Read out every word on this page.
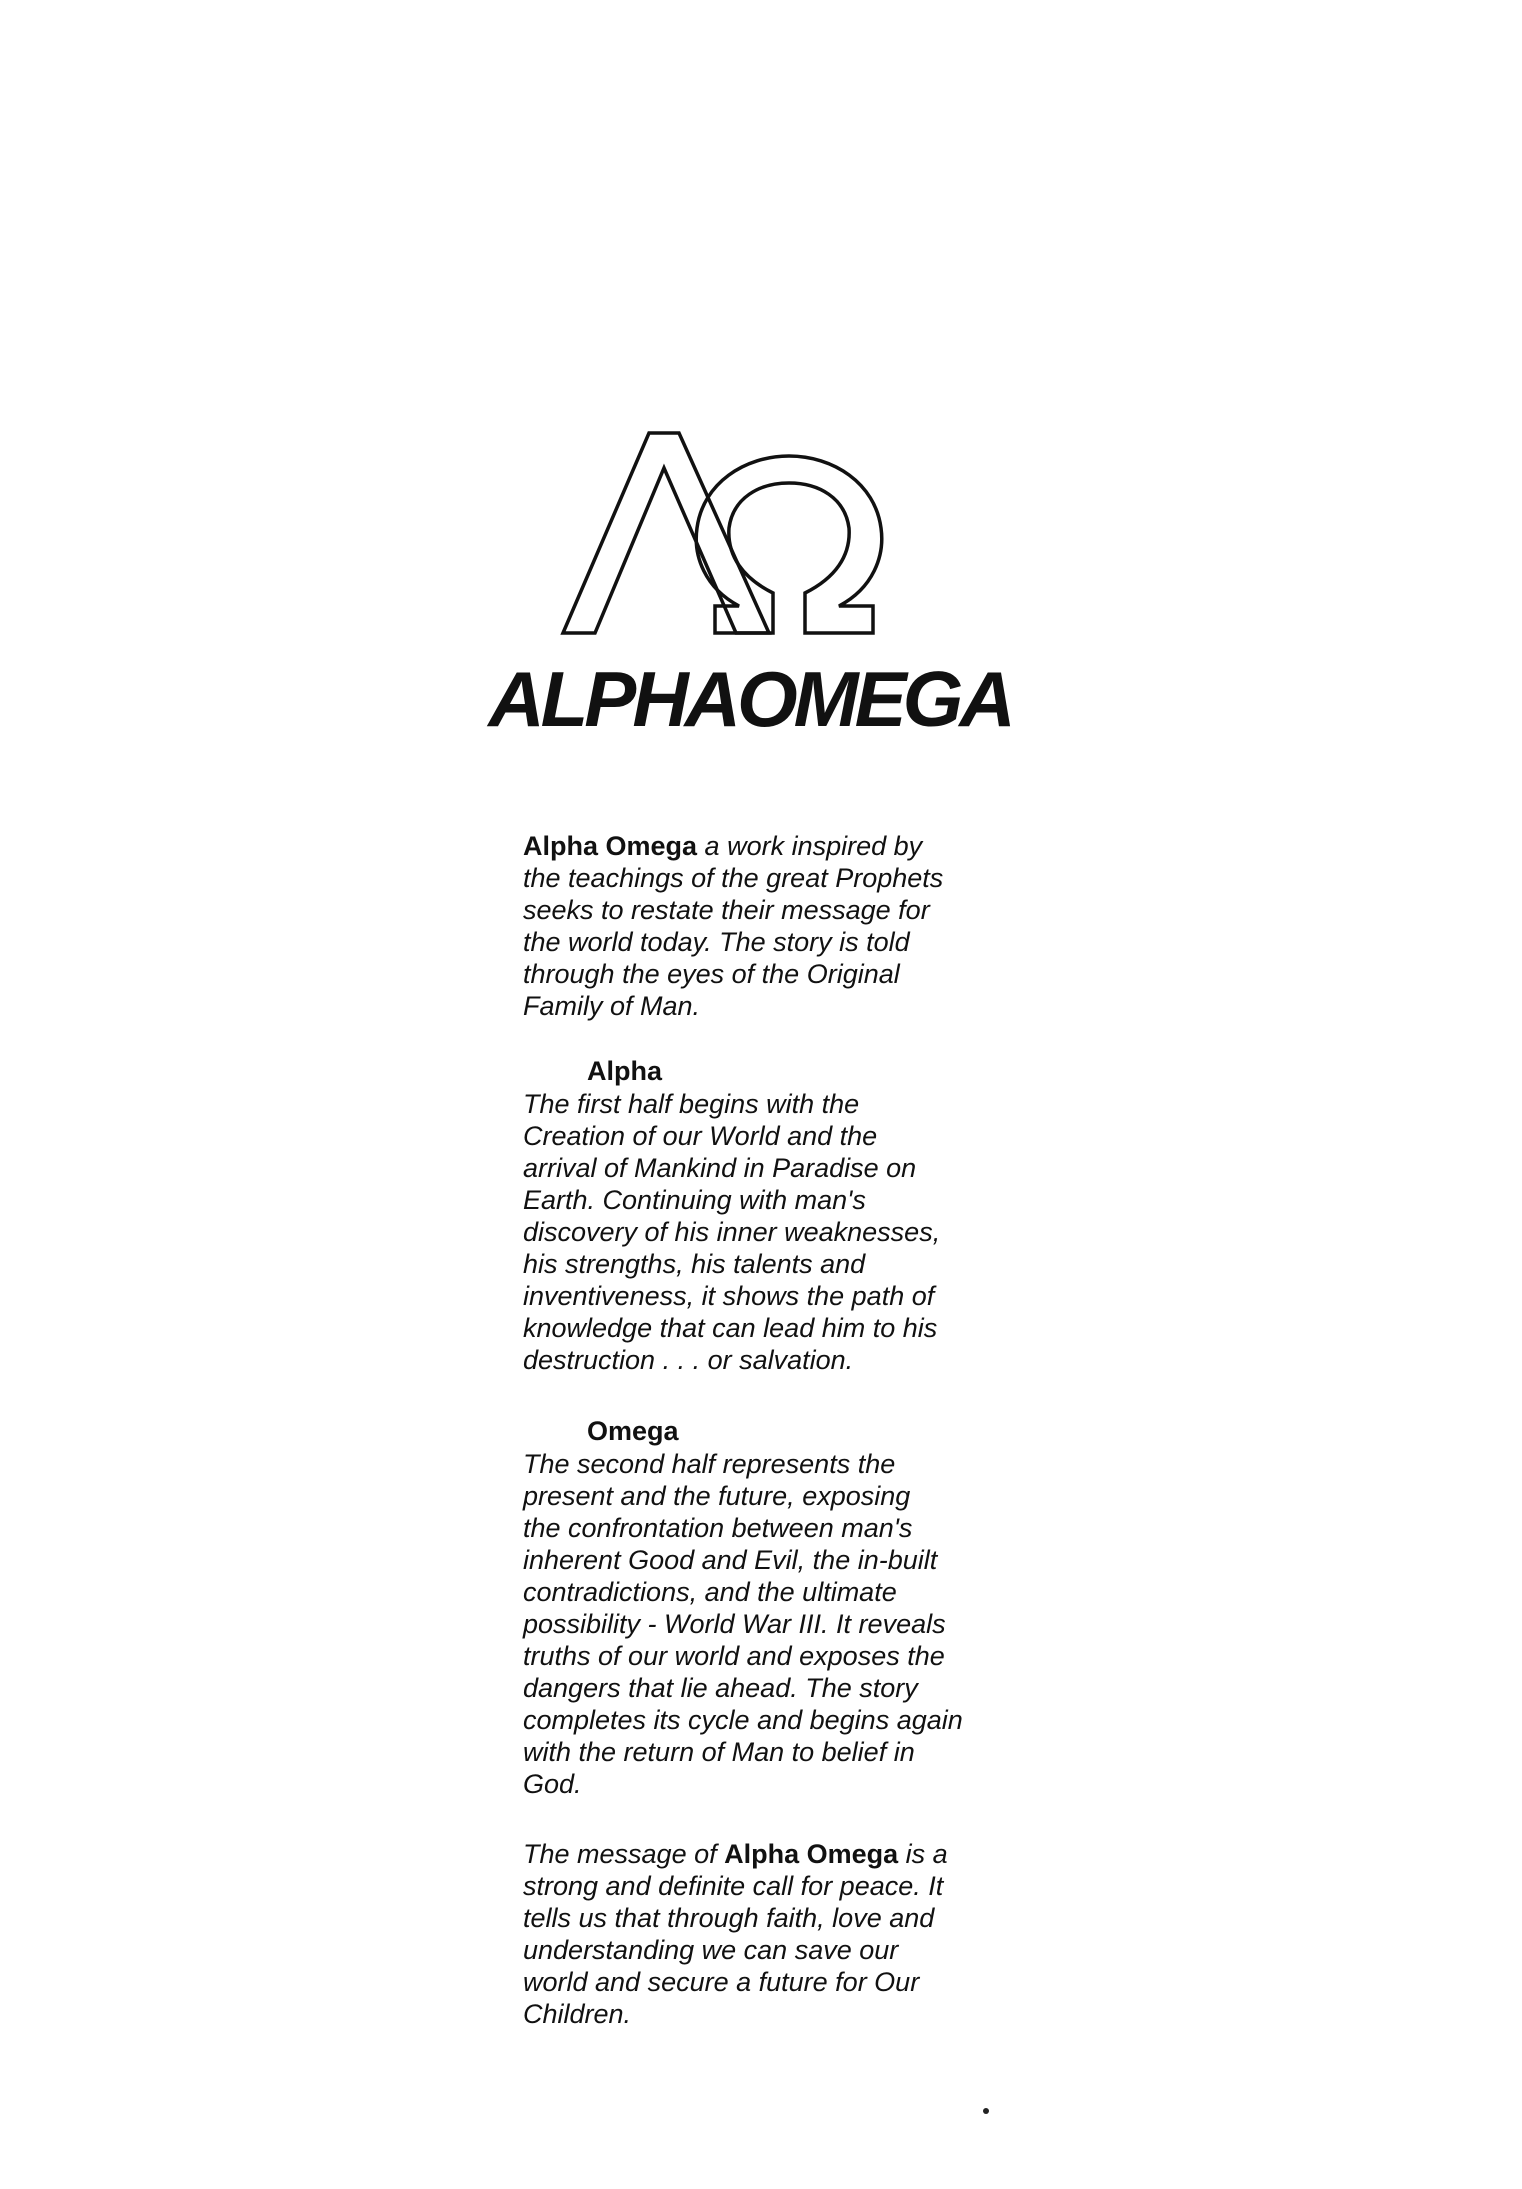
ALPHAOMEGA

Alpha Omega a work inspired by
the teachings of the great Prophets
seeks to restate their message for
the world today. The story is told
through the eyes of the Original
Family of Man.

Alpha

The first half begins with the
Creation of our World and the
arrival of Mankind in Paradise on
Earth. Continuing with man's
discovery of his inner weaknesses,
his strengths, his talents and
inventiveness, it shows the path of
knowledge that can lead him to his
destruction . . . or salvation.

Omega

The second half represents the
present and the future, exposing
the confrontation between man's
inherent Good and Evil, the in-built
contradictions, and the ultimate
possibility - World War III. It reveals
truths of our world and exposes the
dangers that lie ahead. The story
completes its cycle and begins again
with the return of Man to belief in
God.

The message of Alpha Omega is a
strong and definite call for peace. It
tells us that through faith, love and
understanding we can save our
world and secure a future for Our
Children.
